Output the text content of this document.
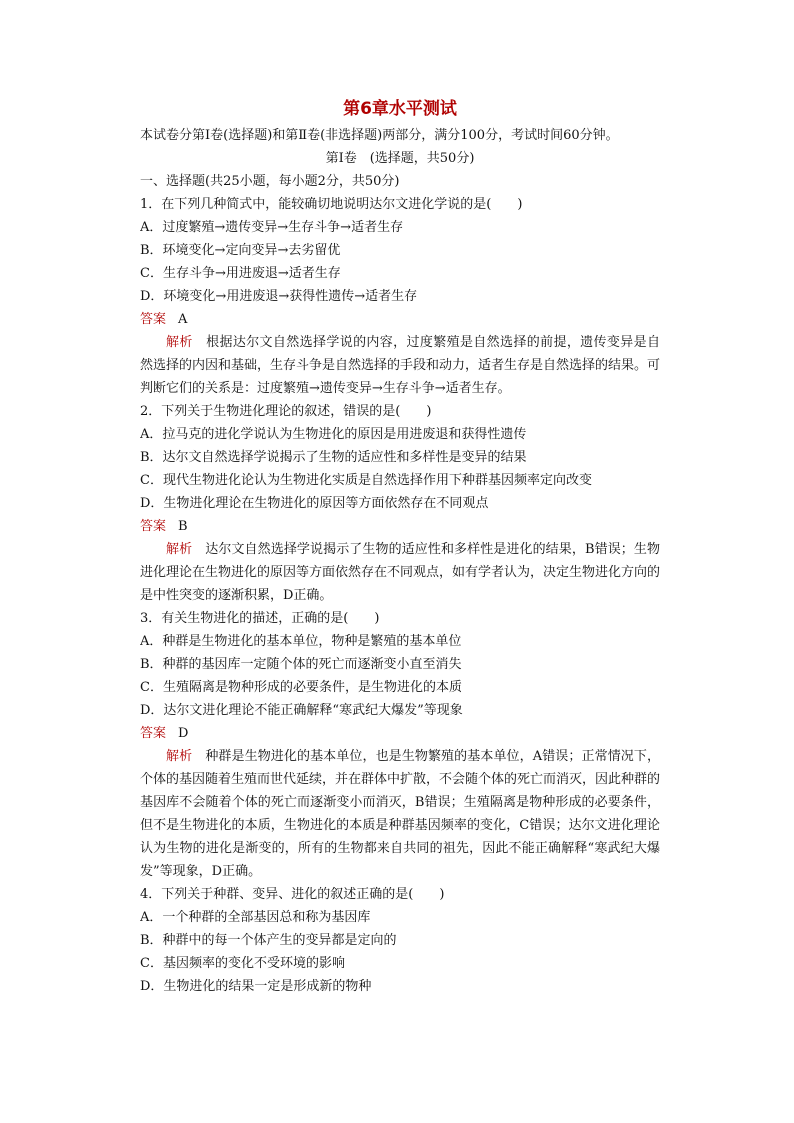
第6章水平测试
本试卷分第Ⅰ卷(选择题)和第Ⅱ卷(非选择题)两部分，满分100分，考试时间60分钟。
第Ⅰ卷　(选择题，共50分)
一、选择题(共25小题，每小题2分，共50分)
1．在下列几种简式中，能较确切地说明达尔文进化学说的是(　　)
A．过度繁殖→遗传变异→生存斗争→适者生存
B．环境变化→定向变异→去劣留优
C．生存斗争→用进废退→适者生存
D．环境变化→用进废退→获得性遗传→适者生存
答案 A
解析　 根据达尔文自然选择学说的内容，过度繁殖是自然选择的前提，遗传变异是自然选择的内因和基础，生存斗争是自然选择的手段和动力，适者生存是自然选择的结果。可判断它们的关系是：过度繁殖→遗传变异→生存斗争→适者生存。
2．下列关于生物进化理论的叙述，错误的是(　　)
A．拉马克的进化学说认为生物进化的原因是用进废退和获得性遗传
B．达尔文自然选择学说揭示了生物的适应性和多样性是变异的结果
C．现代生物进化论认为生物进化实质是自然选择作用下种群基因频率定向改变
D．生物进化理论在生物进化的原因等方面依然存在不同观点
答案 B
解析　 达尔文自然选择学说揭示了生物的适应性和多样性是进化的结果，B错误；生物进化理论在生物进化的原因等方面依然存在不同观点，如有学者认为，决定生物进化方向的是中性突变的逐渐积累，D正确。
3．有关生物进化的描述，正确的是(　　)
A．种群是生物进化的基本单位，物种是繁殖的基本单位
B．种群的基因库一定随个体的死亡而逐渐变小直至消失
C．生殖隔离是物种形成的必要条件，是生物进化的本质
D．达尔文进化理论不能正确解释“寒武纪大爆发”等现象
答案 D
解析　 种群是生物进化的基本单位，也是生物繁殖的基本单位，A错误；正常情况下，个体的基因随着生殖而世代延续，并在群体中扩散，不会随个体的死亡而消灭，因此种群的基因库不会随着个体的死亡而逐渐变小而消灭，B错误；生殖隔离是物种形成的必要条件，但不是生物进化的本质，生物进化的本质是种群基因频率的变化，C错误；达尔文进化理论认为生物的进化是渐变的，所有的生物都来自共同的祖先，因此不能正确解释“寒武纪大爆发”等现象，D正确。
4．下列关于种群、变异、进化的叙述正确的是(　　)
A．一个种群的全部基因总和称为基因库
B．种群中的每一个体产生的变异都是定向的
C．基因频率的变化不受环境的影响
D．生物进化的结果一定是形成新的物种
